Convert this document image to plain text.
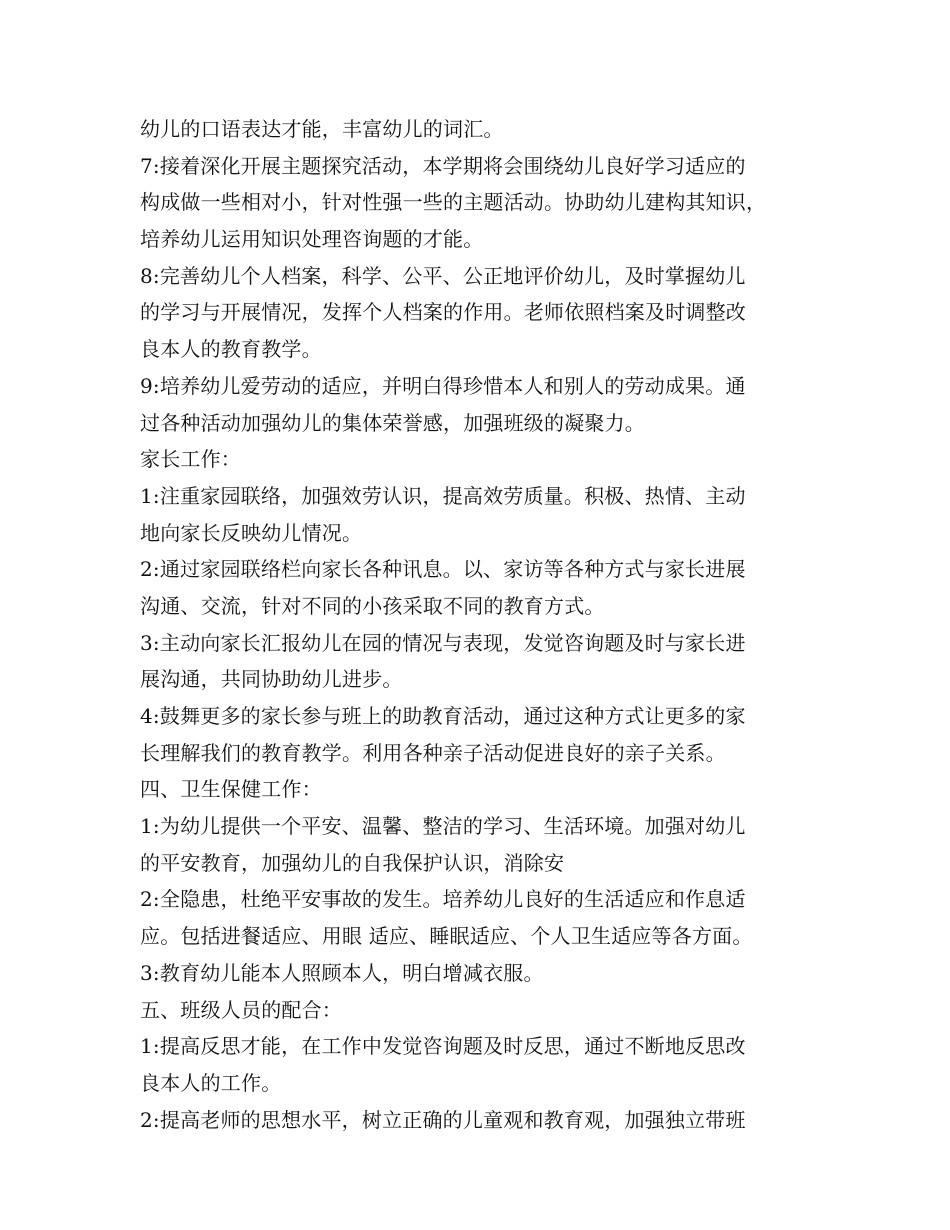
幼儿的口语表达才能，丰富幼儿的词汇。
7:接着深化开展主题探究活动，本学期将会围绕幼儿良好学习适应的
构成做一些相对小，针对性强一些的主题活动。协助幼儿建构其知识，
培养幼儿运用知识处理咨询题的才能。
8:完善幼儿个人档案，科学、公平、公正地评价幼儿，及时掌握幼儿
的学习与开展情况，发挥个人档案的作用。老师依照档案及时调整改
良本人的教育教学。
9:培养幼儿爱劳动的适应，并明白得珍惜本人和别人的劳动成果。通
过各种活动加强幼儿的集体荣誉感，加强班级的凝聚力。
家长工作：
1:注重家园联络，加强效劳认识，提高效劳质量。积极、热情、主动
地向家长反映幼儿情况。
2:通过家园联络栏向家长各种讯息。以、家访等各种方式与家长进展
沟通、交流，针对不同的小孩采取不同的教育方式。
3:主动向家长汇报幼儿在园的情况与表现，发觉咨询题及时与家长进
展沟通，共同协助幼儿进步。
4:鼓舞更多的家长参与班上的助教育活动，通过这种方式让更多的家
长理解我们的教育教学。利用各种亲子活动促进良好的亲子关系。
四、卫生保健工作：
1:为幼儿提供一个平安、温馨、整洁的学习、生活环境。加强对幼儿
的平安教育，加强幼儿的自我保护认识，消除安
2:全隐患，杜绝平安事故的发生。培养幼儿良好的生活适应和作息适
应。包括进餐适应、用眼 适应、睡眠适应、个人卫生适应等各方面。
3:教育幼儿能本人照顾本人，明白增减衣服。
五、班级人员的配合：
1:提高反思才能，在工作中发觉咨询题及时反思，通过不断地反思改
良本人的工作。
2:提高老师的思想水平，树立正确的儿童观和教育观，加强独立带班
